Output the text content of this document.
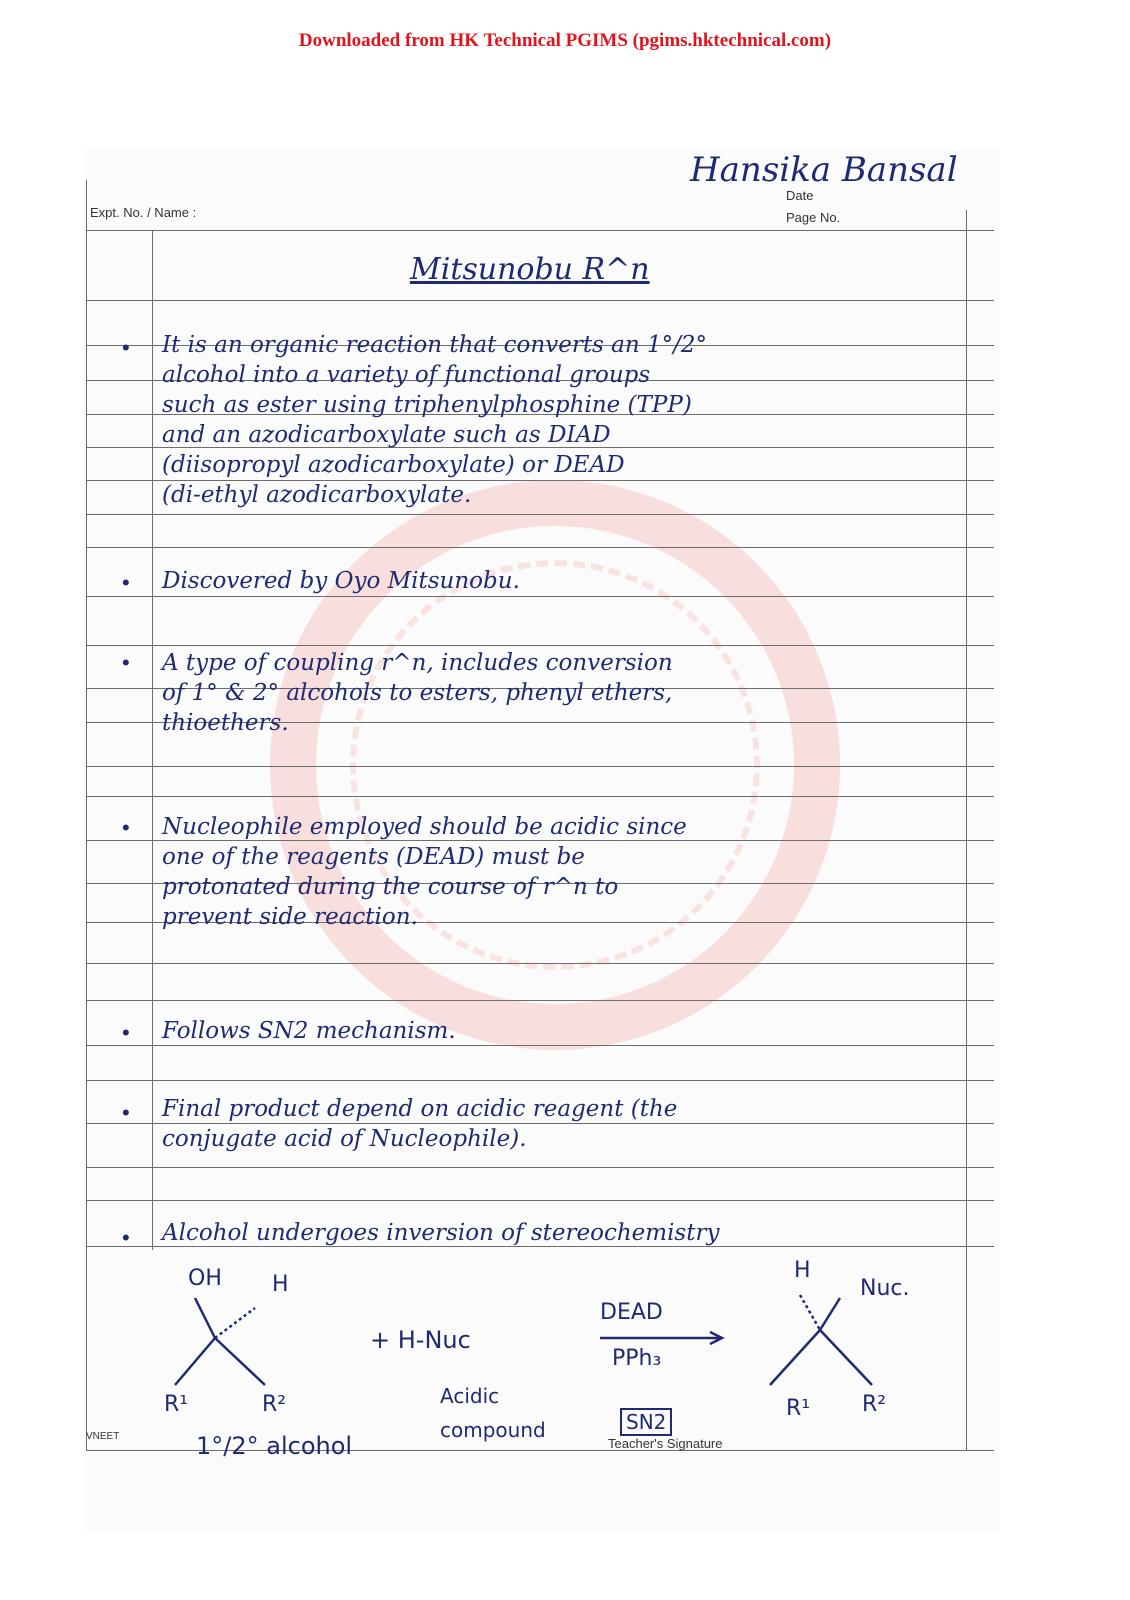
Downloaded from HK Technical PGIMS (pgims.hktechnical.com)
Expt. No. / Name :
Date
Page No.
Hansika Bansal
Mitsunobu R^n
• It is an organic reaction that converts an 1°/2°
alcohol into a variety of functional groups
such as ester using triphenylphosphine (TPP)
and an azodicarboxylate such as DIAD
(diisopropyl azodicarboxylate) or DEAD
(di-ethyl azodicarboxylate.
• Discovered by Oyo Mitsunobu.
• A type of coupling r^n, includes conversion
of 1° & 2° alcohols to esters, phenyl ethers,
thioethers.
• Nucleophile employed should be acidic since
one of the reagents (DEAD) must be
protonated during the course of r^n to
prevent side reaction.
• Follows SN2 mechanism.
• Final product depend on acidic reagent (the
conjugate acid of Nucleophile).
• Alcohol undergoes inversion of stereochemistry
OH H
R¹	R²
+ H-Nuc
DEAD
PPh₃
H
Nuc.
R¹ R²
1°/2° alcohol
Acidic
compound	SN2
VNEET	Teacher's Signature
